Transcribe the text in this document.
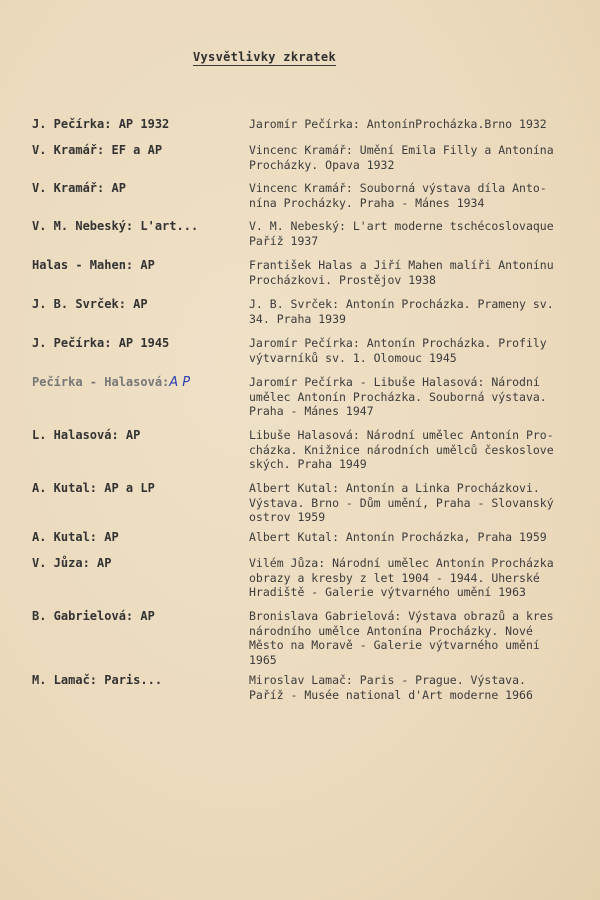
Vysvětlivky zkratek
J. Pečírka: AP 1932	Jaromír Pečírka: AntonínProcházka.Brno 1932
V. Kramář: EF a AP	Vincenc Kramář: Umění Emila Filly a Antonína
Procházky. Opava 1932
V. Kramář: AP	Vincenc Kramář: Souborná výstava díla Anto-
nína Procházky. Praha - Mánes 1934
V. M. Nebeský: L'art...	V. M. Nebeský: L'art moderne tschécoslovaque
Paříž 1937
Halas - Mahen: AP	František Halas a Jiří Mahen malíři Antonínu
Procházkovi. Prostějov 1938
J. B. Svrček: AP	J. B. Svrček: Antonín Procházka. Prameny sv.
34. Praha 1939
J. Pečírka: AP 1945	Jaromír Pečírka: Antonín Procházka. Profily
výtvarníků sv. 1. Olomouc 1945
Pečírka - Halasová:A P	Jaromír Pečírka - Libuše Halasová: Národní
umělec Antonín Procházka. Souborná výstava.
Praha - Mánes 1947
L. Halasová: AP	Libuše Halasová: Národní umělec Antonín Pro-
cházka. Knižnice národních umělců českoslove
ských. Praha 1949
A. Kutal: AP a LP	Albert Kutal: Antonín a Linka Procházkovi.
Výstava. Brno - Dům umění, Praha - Slovanský
ostrov 1959
A. Kutal: AP	Albert Kutal: Antonín Procházka, Praha 1959
V. Jůza: AP	Vilém Jůza: Národní umělec Antonín Procházka
obrazy a kresby z let 1904 - 1944. Uherské
Hradiště - Galerie výtvarného umění 1963
B. Gabrielová: AP	Bronislava Gabrielová: Výstava obrazů a kres
národního umělce Antonína Procházky. Nové
Město na Moravě - Galerie výtvarného umění
1965
M. Lamač: Paris...	Miroslav Lamač: Paris - Prague. Výstava.
Paříž - Musée national d'Art moderne 1966
